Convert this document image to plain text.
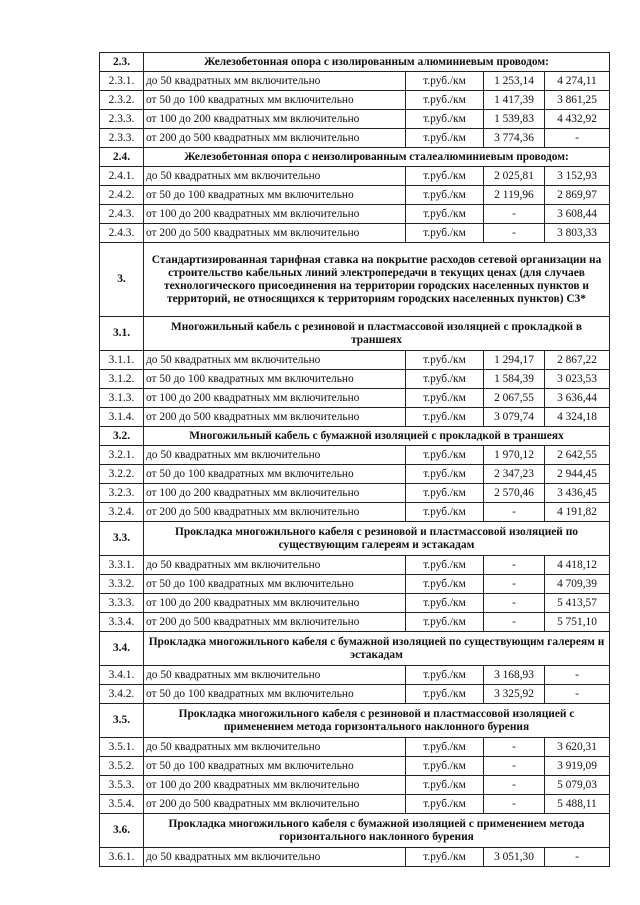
2.3.	Железобетонная опора с изолированным алюминиевым проводом:			
2.3.1.	до 50 квадратных мм включительно	т.руб./км	1 253,14	4 274,11
2.3.2.	от 50 до 100 квадратных мм включительно	т.руб./км	1 417,39	3 861,25
2.3.3.	от 100 до 200 квадратных мм включительно	т.руб./км	1 539,83	4 432,92
2.3.3.	от 200 до 500 квадратных мм включительно	т.руб./км	3 774,36	-
2.4.	Железобетонная опора с неизолированным сталеалюминиевым проводом:			
2.4.1.	до 50 квадратных мм включительно	т.руб./км	2 025,81	3 152,93
2.4.2.	от 50 до 100 квадратных мм включительно	т.руб./км	2 119,96	2 869,97
2.4.3.	от 100 до 200 квадратных мм включительно	т.руб./км	-	3 608,44
2.4.3.	от 200 до 500 квадратных мм включительно	т.руб./км	-	3 803,33
3.	Стандартизированная тарифная ставка на покрытие расходов сетевой организации на строительство кабельных линий электропередачи в текущих ценах (для случаев технологического присоединения на территории городских населенных пунктов и территорий, не относящихся к территориям городских населенных пунктов) С3*			
3.1.	Многожильный кабель с резиновой и пластмассовой изоляцией с прокладкой в траншеях			
3.1.1.	до 50 квадратных мм включительно	т.руб./км	1 294,17	2 867,22
3.1.2.	от 50 до 100 квадратных мм включительно	т.руб./км	1 584,39	3 023,53
3.1.3.	от 100 до 200 квадратных мм включительно	т.руб./км	2 067,55	3 636,44
3.1.4.	от 200 до 500 квадратных мм включительно	т.руб./км	3 079,74	4 324,18
3.2.	Многожильный кабель с бумажной изоляцией с прокладкой в траншеях			
3.2.1.	до 50 квадратных мм включительно	т.руб./км	1 970,12	2 642,55
3.2.2.	от 50 до 100 квадратных мм включительно	т.руб./км	2 347,23	2 944,45
3.2.3.	от 100 до 200 квадратных мм включительно	т.руб./км	2 570,46	3 436,45
3.2.4.	от 200 до 500 квадратных мм включительно	т.руб./км	-	4 191,82
3.3.	Прокладка многожильного кабеля с резиновой и пластмассовой изоляцией по существующим галереям и эстакадам			
3.3.1.	до 50 квадратных мм включительно	т.руб./км	-	4 418,12
3.3.2.	от 50 до 100 квадратных мм включительно	т.руб./км	-	4 709,39
3.3.3.	от 100 до 200 квадратных мм включительно	т.руб./км	-	5 413,57
3.3.4.	от 200 до 500 квадратных мм включительно	т.руб./км	-	5 751,10
3.4.	Прокладка многожильного кабеля с бумажной изоляцией по существующим галереям и эстакадам			
3.4.1.	до 50 квадратных мм включительно	т.руб./км	3 168,93	-
3.4.2.	от 50 до 100 квадратных мм включительно	т.руб./км	3 325,92	-
3.5.	Прокладка многожильного кабеля с резиновой и пластмассовой изоляцией с применением метода горизонтального наклонного бурения			
3.5.1.	до 50 квадратных мм включительно	т.руб./км	-	3 620,31
3.5.2.	от 50 до 100 квадратных мм включительно	т.руб./км	-	3 919,09
3.5.3.	от 100 до 200 квадратных мм включительно	т.руб./км	-	5 079,03
3.5.4.	от 200 до 500 квадратных мм включительно	т.руб./км	-	5 488,11
3.6.	Прокладка многожильного кабеля с бумажной изоляцией с применением метода горизонтального наклонного бурения			
3.6.1.	до 50 квадратных мм включительно	т.руб./км	3 051,30	-
